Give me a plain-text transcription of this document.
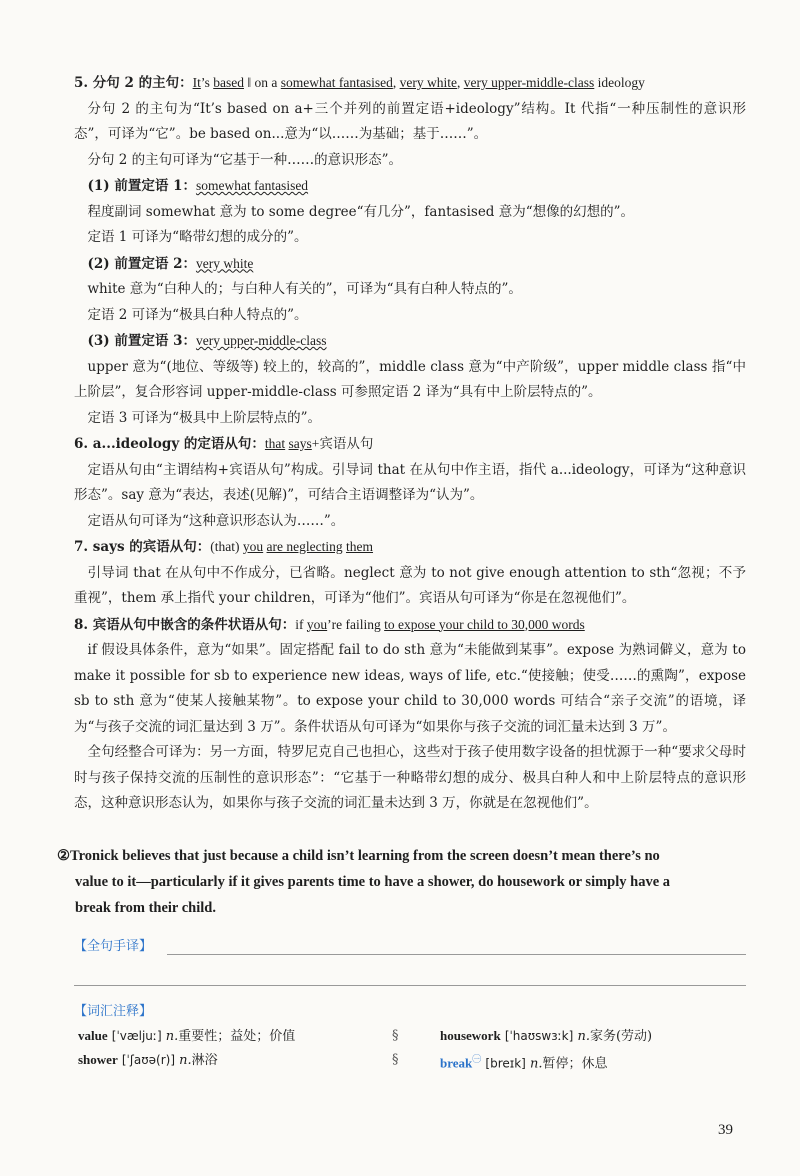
5. 分句 2 的主句：It’s based ‖ on a somewhat fantasised, very white, very upper-middle-class ideology

分句 2 的主句为“It’s based on a+三个并列的前置定语+ideology”结构。It 代指“一种压制性的意识形态”，可译为“它”。be based on...意为“以……为基础；基于……”。

分句 2 的主句可译为“它基于一种……的意识形态”。

(1) 前置定语 1：somewhat fantasised

程度副词 somewhat 意为 to some degree“有几分”，fantasised 意为“想像的幻想的”。

定语 1 可译为“略带幻想的成分的”。

(2) 前置定语 2：very white

white 意为“白种人的；与白种人有关的”，可译为“具有白种人特点的”。

定语 2 可译为“极具白种人特点的”。

(3) 前置定语 3：very upper-middle-class

upper 意为“(地位、等级等) 较上的，较高的”，middle class 意为“中产阶级”，upper middle class 指“中上阶层”，复合形容词 upper-middle-class 可参照定语 2 译为“具有中上阶层特点的”。

定语 3 可译为“极具中上阶层特点的”。

6. a...ideology 的定语从句：that says+宾语从句

定语从句由“主谓结构+宾语从句”构成。引导词 that 在从句中作主语，指代 a...ideology，可译为“这种意识形态”。say 意为“表达，表述(见解)”，可结合主语调整译为“认为”。

定语从句可译为“这种意识形态认为……”。

7. says 的宾语从句：(that) you are neglecting them

引导词 that 在从句中不作成分，已省略。neglect 意为 to not give enough attention to sth“忽视；不予重视”，them 承上指代 your children，可译为“他们”。宾语从句可译为“你是在忽视他们”。

8. 宾语从句中嵌含的条件状语从句：if you’re failing to expose your child to 30,000 words

if 假设具体条件，意为“如果”。固定搭配 fail to do sth 意为“未能做到某事”。expose 为熟词僻义，意为 to make it possible for sb to experience new ideas, ways of life, etc.“使接触；使受……的熏陶”，expose sb to sth 意为“使某人接触某物”。to expose your child to 30,000 words 可结合“亲子交流”的语境，译为“与孩子交流的词汇量达到 3 万”。条件状语从句可译为“如果你与孩子交流的词汇量未达到 3 万”。

全句经整合可译为：另一方面，特罗尼克自己也担心，这些对于孩子使用数字设备的担忧源于一种“要求父母时时与孩子保持交流的压制性的意识形态”：“它基于一种略带幻想的成分、极具白种人和中上阶层特点的意识形态，这种意识形态认为，如果你与孩子交流的词汇量未达到 3 万，你就是在忽视他们”。

②Tronick believes that just because a child isn’t learning from the screen doesn’t mean there’s no
value to it—particularly if it gives parents time to have a shower, do housework or simply have a
break from their child.
【全句手译】
【词汇注释】
value [ˈvæljuː] n.重要性；益处；价值	§	housework [ˈhaʊswɜːk] n.家务(劳动)
shower [ˈʃaʊə(r)] n.淋浴	§	break$^㊀$ [breɪk] n.暂停；休息
39
